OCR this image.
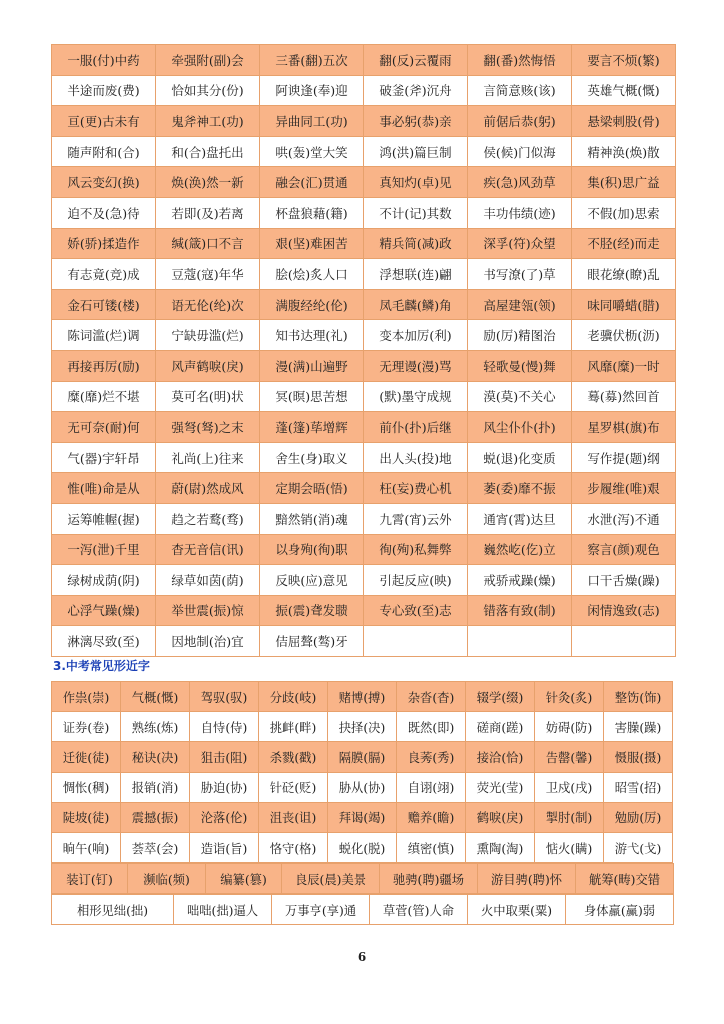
一服(付)中药	牵强附(副)会	三番(翻)五次	翻(反)云覆雨	翻(番)然悔悟	要言不烦(繁)
半途而废(费)	恰如其分(份)	阿谀逢(奉)迎	破釜(斧)沉舟	言简意赅(该)	英雄气概(慨)
亘(更)古未有	鬼斧神工(功)	异曲同工(功)	事必躬(恭)亲	前倨后恭(躬)	悬梁刺股(骨)
随声附和(合)	和(合)盘托出	哄(轰)堂大笑	鸿(洪)篇巨制	侯(候)门似海	精神涣(焕)散
风云变幻(换)	焕(涣)然一新	融会(汇)贯通	真知灼(卓)见	疾(急)风劲草	集(积)思广益
迫不及(急)待	若即(及)若离	杯盘狼藉(籍)	不计(记)其数	丰功伟绩(迹)	不假(加)思索
娇(骄)揉造作	缄(箴)口不言	艰(坚)难困苦	精兵简(减)政	深孚(符)众望	不胫(经)而走
有志竟(竞)成	豆蔻(寇)年华	脍(烩)炙人口	浮想联(连)翩	书写潦(了)草	眼花缭(瞭)乱
金石可镂(楼)	语无伦(纶)次	满腹经纶(伦)	凤毛麟(鳞)角	高屋建瓴(领)	味同嚼蜡(腊)
陈词滥(烂)调	宁缺毋滥(烂)	知书达理(礼)	变本加厉(利)	励(厉)精图治	老骥伏枥(沥)
再接再厉(励)	风声鹤唳(戾)	漫(满)山遍野	无理谩(漫)骂	轻歌曼(慢)舞	风靡(糜)一时
糜(靡)烂不堪	莫可名(明)状	冥(暝)思苦想	(默)墨守成规	漠(莫)不关心	蓦(募)然回首
无可奈(耐)何	强弩(驽)之末	蓬(篷)荜增辉	前仆(扑)后继	风尘仆仆(扑)	星罗棋(旗)布
气(器)宇轩昂	礼尚(上)往来	舍生(身)取义	出人头(投)地	蜕(退)化变质	写作提(题)纲
惟(唯)命是从	蔚(尉)然成风	定期会晤(悟)	枉(妄)费心机	萎(委)靡不振	步履维(唯)艰
运筹帷幄(握)	趋之若鹜(骛)	黯然销(消)魂	九霄(宵)云外	通宵(霄)达旦	水泄(泻)不通
一泻(泄)千里	杳无音信(讯)	以身殉(徇)职	徇(殉)私舞弊	巍然屹(仡)立	察言(颜)观色
绿树成荫(阴)	绿草如茵(荫)	反映(应)意见	引起反应(映)	戒骄戒躁(燥)	口干舌燥(躁)
心浮气躁(燥)	举世震(振)惊	振(震)聋发聩	专心致(至)志	错落有致(制)	闲情逸致(志)
淋漓尽致(至)	因地制(治)宜	佶屈聱(骜)牙			
3.中考常见形近字
作祟(崇)	气概(慨)	驾驭(驭)	分歧(岐)	赌博(搏)	杂沓(杳)	辍学(缀)	针灸(炙)	整饬(饰)
证券(卷)	熟练(炼)	自恃(侍)	挑衅(畔)	抉择(决)	既然(即)	磋商(蹉)	妨碍(防)	害臊(躁)
迁徙(徒)	秘诀(决)	狙击(阻)	杀戮(戳)	隔膜(膈)	良莠(秀)	接洽(恰)	告罄(馨)	慑服(摄)
惆怅(稠)	报销(消)	胁迫(协)	针砭(贬)	胁从(协)	自诩(翊)	荧光(莹)	卫戍(戌)	昭雪(招)
陡坡(徒)	震撼(振)	沦落(伦)	沮丧(诅)	拜谒(竭)	赡养(瞻)	鹤唳(戾)	掣肘(制)	勉励(厉)
晌午(响)	荟萃(会)	造诣(旨)	恪守(格)	蜕化(脱)	缜密(慎)	熏陶(淘)	惦火(瞒)	游弋(戈)
装订(钉)	濒临(频)	编纂(篡)	良辰(晨)美景	驰骋(聘)疆场	游目骋(聘)怀	觥筹(畴)交错
相形见绌(拙)	咄咄(拙)逼人	万事亨(享)通	草菅(管)人命	火中取栗(粟)	身体羸(赢)弱
6
